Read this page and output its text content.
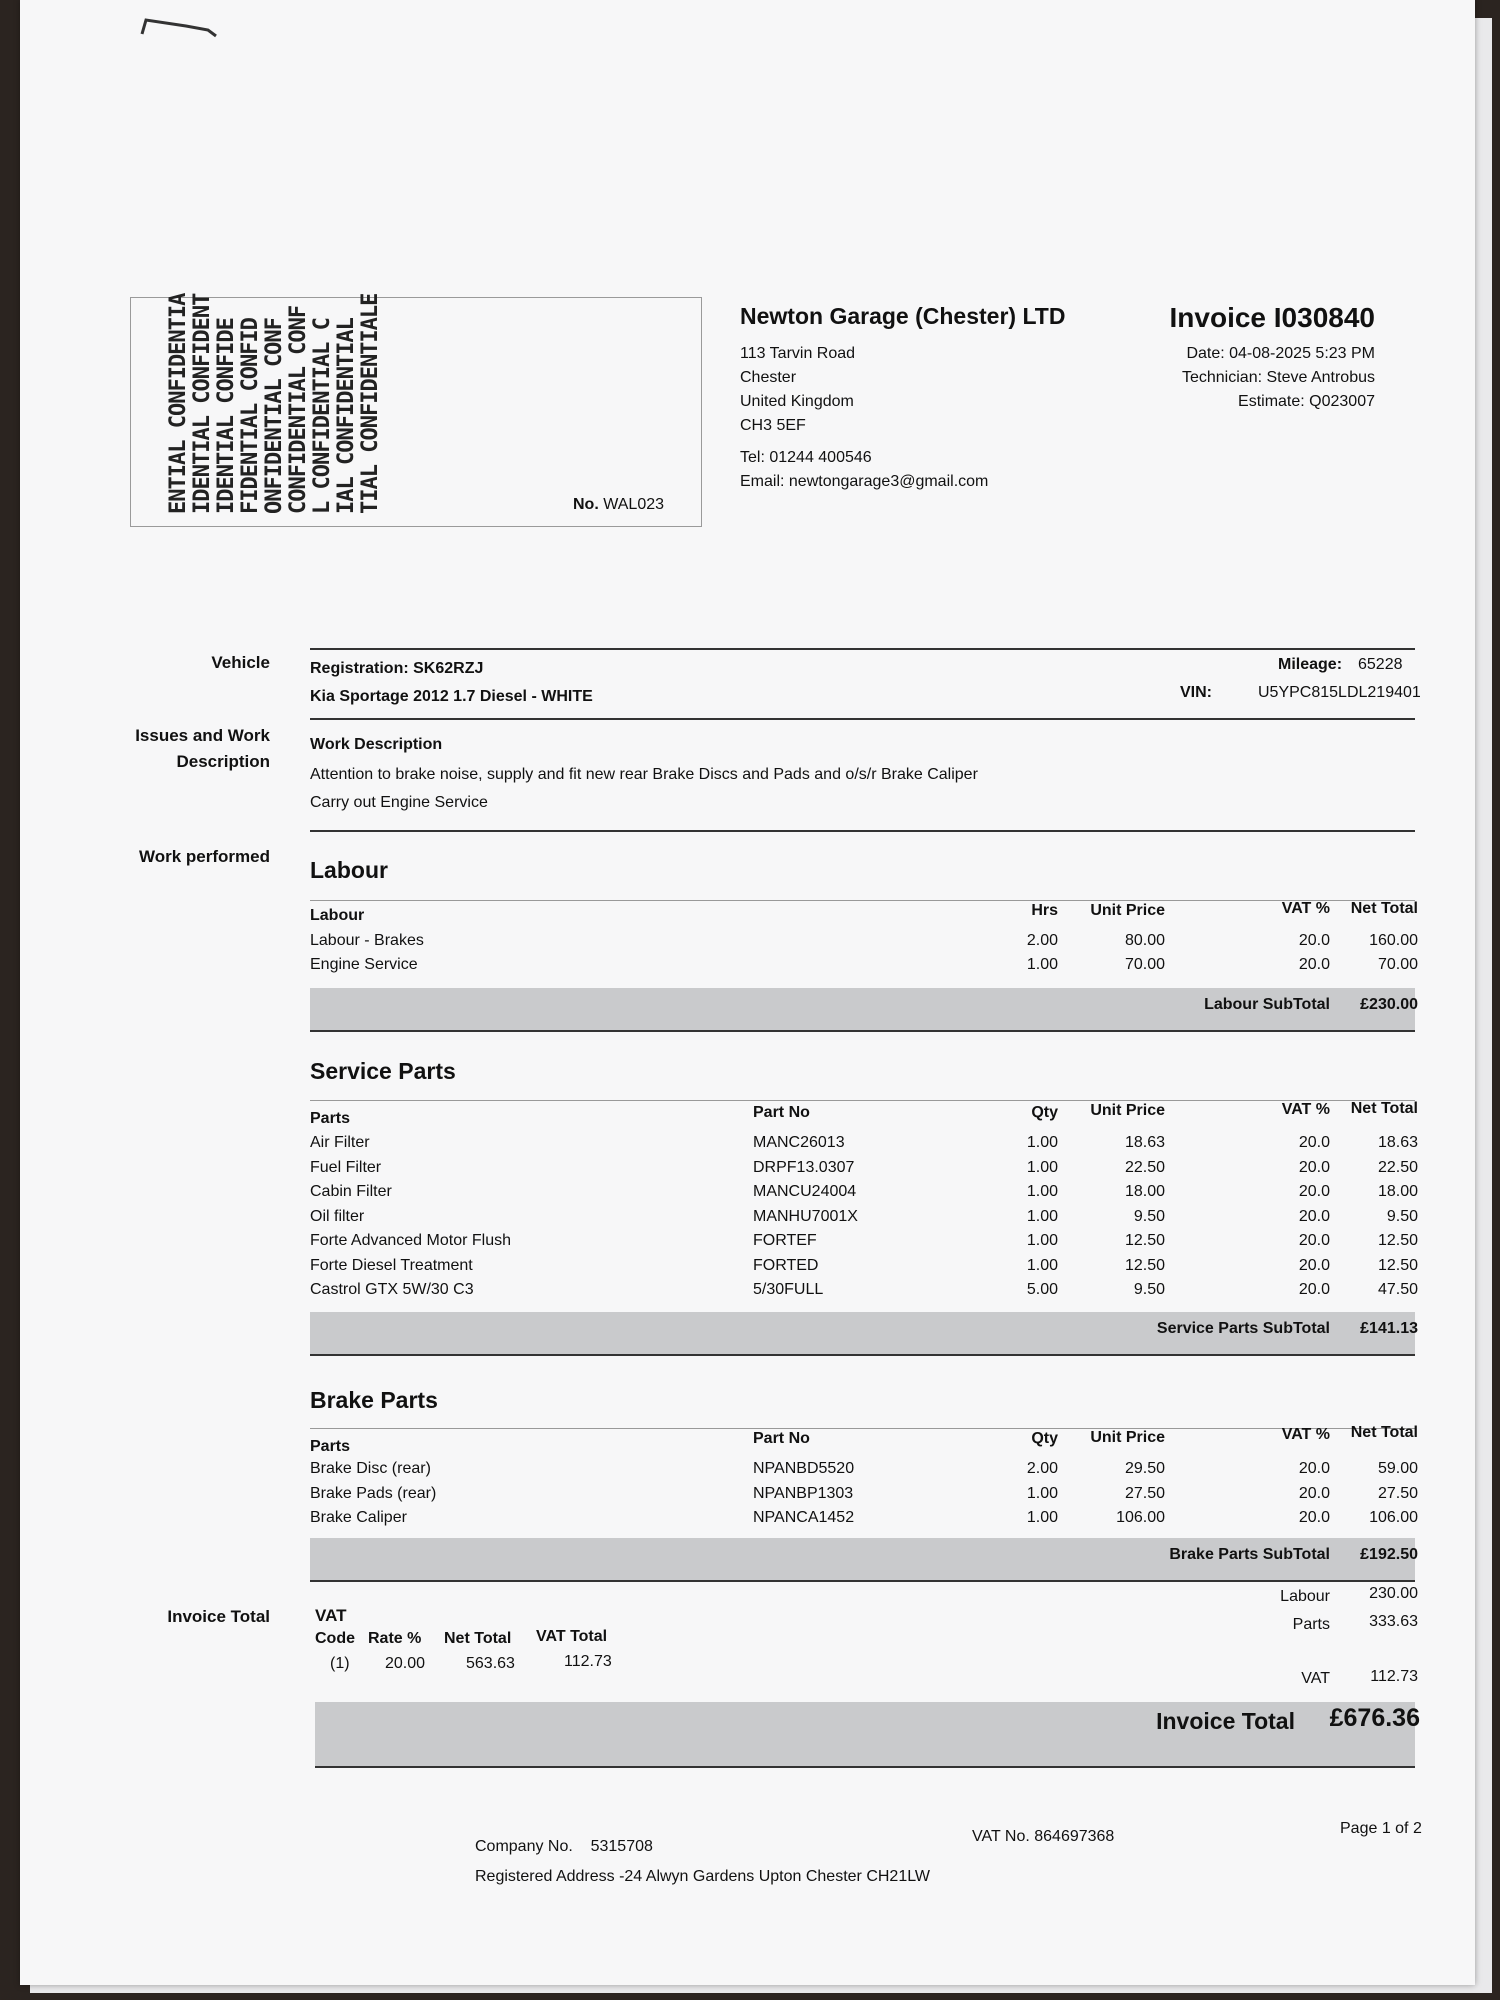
ENTIAL CONFIDENTIA IDENTIAL CONFIDENT IDENTIAL CONFIDE FIDENTIAL CONFID ONFIDENTIAL CONF CONFIDENTIAL CONF L CONFIDENTIAL C IAL CONFIDENTIAL TIAL CONFIDENTIALE	No. WAL023
Newton Garage (Chester) LTD
113 Tarvin Road
Chester
United Kingdom
CH3 5EF
Tel: 01244 400546
Email: newtongarage3@gmail.com
Invoice I030840
Date: 04-08-2025 5:23 PM
Technician: Steve Antrobus
Estimate: Q023007
Vehicle
Issues and Work
Description
Work performed
Invoice Total
Registration: SK62RZJ
Kia Sportage 2012 1.7 Diesel - WHITE
Mileage: 65228
VIN:	U5YPC815LDL219401
Work Description
Attention to brake noise, supply and fit new rear Brake Discs and Pads and o/s/r Brake Caliper
Carry out Engine Service
Labour
Labour	Hrs	Unit Price	VAT %	Net Total
Labour - Brakes	2.00	80.00	20.0	160.00
Engine Service	1.00	70.00	20.0	70.00
Labour SubTotal	£230.00
Service Parts
Parts	Part No	Qty	Unit Price	VAT %	Net Total
Air Filter	MANC26013	1.00	18.63	20.0	18.63
Fuel Filter	DRPF13.0307	1.00	22.50	20.0	22.50
Cabin Filter	MANCU24004	1.00	18.00	20.0	18.00
Oil filter	MANHU7001X	1.00	9.50	20.0	9.50
Forte Advanced Motor Flush	FORTEF	1.00	12.50	20.0	12.50
Forte Diesel Treatment	FORTED	1.00	12.50	20.0	12.50
Castrol GTX 5W/30 C3	5/30FULL	5.00	9.50	20.0	47.50
Service Parts SubTotal	£141.13
Brake Parts
Parts	Part No	Qty	Unit Price	VAT %	Net Total
Brake Disc (rear)	NPANBD5520	2.00	29.50	20.0	59.00
Brake Pads (rear)	NPANBP1303	1.00	27.50	20.0	27.50
Brake Caliper	NPANCA1452	1.00	106.00	20.0	106.00
Brake Parts SubTotal	£192.50
VAT
Code Rate % Net Total VAT Total
(1) 20.00	563.63	112.73
Labour	230.00
Parts	333.63
VAT	112.73
Invoice Total	£676.36
Company No. 5315708
Registered Address -24 Alwyn Gardens Upton Chester CH21LW
VAT No. 864697368	Page 1 of 2
